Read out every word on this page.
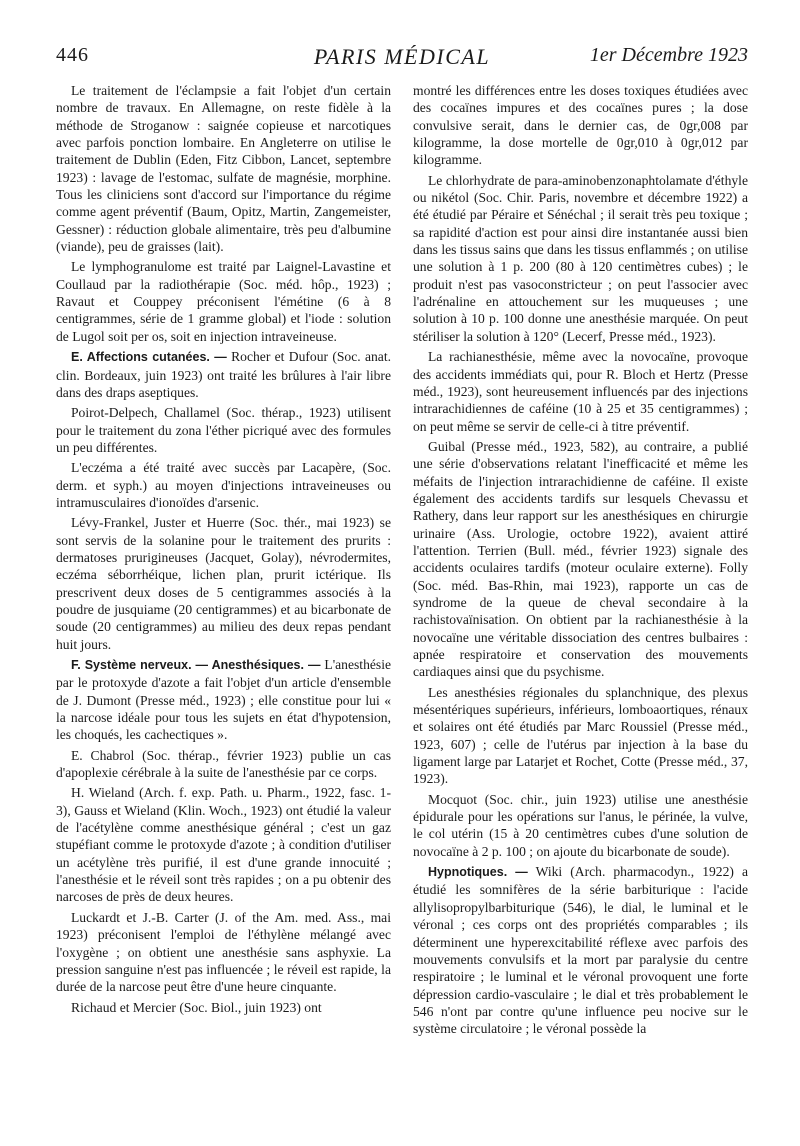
446	PARIS MÉDICAL	1er Décembre 1923

Le traitement de l'éclampsie a fait l'objet d'un certain nombre de travaux. En Allemagne, on reste fidèle à la méthode de Stroganow : saignée copieuse et narcotiques avec parfois ponction lombaire. En Angleterre on utilise le traitement de Dublin (Eden, Fitz Cibbon, Lancet, septembre 1923) : lavage de l'estomac, sulfate de magnésie, morphine. Tous les cliniciens sont d'accord sur l'importance du régime comme agent préventif (Baum, Opitz, Martin, Zangemeister, Gessner) : réduction globale alimentaire, très peu d'albumine (viande), peu de graisses (lait).

Le lymphogranulome est traité par Laignel-Lavastine et Coullaud par la radiothérapie (Soc. méd. hôp., 1923) ; Ravaut et Couppey préconisent l'émétine (6 à 8 centigrammes, série de 1 gramme global) et l'iode : solution de Lugol soit per os, soit en injection intraveineuse.

E. Affections cutanées. — Rocher et Dufour (Soc. anat. clin. Bordeaux, juin 1923) ont traité les brûlures à l'air libre dans des draps aseptiques.

Poirot-Delpech, Challamel (Soc. thérap., 1923) utilisent pour le traitement du zona l'éther picriqué avec des formules un peu différentes.

L'eczéma a été traité avec succès par Lacapère, (Soc. derm. et syph.) au moyen d'injections intraveineuses ou intramusculaires d'ionoïdes d'arsenic.

Lévy-Frankel, Juster et Huerre (Soc. thér., mai 1923) se sont servis de la solanine pour le traitement des prurits : dermatoses prurigineuses (Jacquet, Golay), névrodermites, eczéma séborrhéique, lichen plan, prurit ictérique. Ils prescrivent deux doses de 5 centigrammes associés à la poudre de jusquiame (20 centigrammes) et au bicarbonate de soude (20 centigrammes) au milieu des deux repas pendant huit jours.

F. Système nerveux. — Anesthésiques. — L'anesthésie par le protoxyde d'azote a fait l'objet d'un article d'ensemble de J. Dumont (Presse méd., 1923) ; elle constitue pour lui « la narcose idéale pour tous les sujets en état d'hypotension, les choqués, les cachectiques ».

E. Chabrol (Soc. thérap., février 1923) publie un cas d'apoplexie cérébrale à la suite de l'anesthésie par ce corps.

H. Wieland (Arch. f. exp. Path. u. Pharm., 1922, fasc. 1-3), Gauss et Wieland (Klin. Woch., 1923) ont étudié la valeur de l'acétylène comme anesthésique général ; c'est un gaz stupéfiant comme le protoxyde d'azote ; à condition d'utiliser un acétylène très purifié, il est d'une grande innocuité ; l'anesthésie et le réveil sont très rapides ; on a pu obtenir des narcoses de près de deux heures.

Luckardt et J.-B. Carter (J. of the Am. med. Ass., mai 1923) préconisent l'emploi de l'éthylène mélangé avec l'oxygène ; on obtient une anesthésie sans asphyxie. La pression sanguine n'est pas influencée ; le réveil est rapide, la durée de la narcose peut être d'une heure cinquante.

Richaud et Mercier (Soc. Biol., juin 1923) ont

montré les différences entre les doses toxiques étudiées avec des cocaïnes impures et des cocaïnes pures ; la dose convulsive serait, dans le dernier cas, de 0gr,008 par kilogramme, la dose mortelle de 0gr,010 à 0gr,012 par kilogramme.

Le chlorhydrate de para-aminobenzonaphtolamate d'éthyle ou nikétol (Soc. Chir. Paris, novembre et décembre 1922) a été étudié par Péraire et Sénéchal ; il serait très peu toxique ; sa rapidité d'action est pour ainsi dire instantanée aussi bien dans les tissus sains que dans les tissus enflammés ; on utilise une solution à 1 p. 200 (80 à 120 centimètres cubes) ; le produit n'est pas vasoconstricteur ; on peut l'associer avec l'adrénaline en attouchement sur les muqueuses ; une solution à 10 p. 100 donne une anesthésie marquée. On peut stériliser la solution à 120° (Lecerf, Presse méd., 1923).

La rachianesthésie, même avec la novocaïne, provoque des accidents immédiats qui, pour R. Bloch et Hertz (Presse méd., 1923), sont heureusement influencés par des injections intrarachidiennes de caféine (10 à 25 et 35 centigrammes) ; on peut même se servir de celle-ci à titre préventif.

Guibal (Presse méd., 1923, 582), au contraire, a publié une série d'observations relatant l'inefficacité et même les méfaits de l'injection intrarachidienne de caféine. Il existe également des accidents tardifs sur lesquels Chevassu et Rathery, dans leur rapport sur les anesthésiques en chirurgie urinaire (Ass. Urologie, octobre 1922), avaient attiré l'attention. Terrien (Bull. méd., février 1923) signale des accidents oculaires tardifs (moteur oculaire externe). Folly (Soc. méd. Bas-Rhin, mai 1923), rapporte un cas de syndrome de la queue de cheval secondaire à la rachistovaïnisation. On obtient par la rachianesthésie à la novocaïne une véritable dissociation des centres bulbaires : apnée respiratoire et conservation des mouvements cardiaques ainsi que du psychisme.

Les anesthésies régionales du splanchnique, des plexus mésentériques supérieurs, inférieurs, lomboaortiques, rénaux et solaires ont été étudiés par Marc Roussiel (Presse méd., 1923, 607) ; celle de l'utérus par injection à la base du ligament large par Latarjet et Rochet, Cotte (Presse méd., 37, 1923).

Mocquot (Soc. chir., juin 1923) utilise une anesthésie épidurale pour les opérations sur l'anus, le périnée, la vulve, le col utérin (15 à 20 centimètres cubes d'une solution de novocaïne à 2 p. 100 ; on ajoute du bicarbonate de soude).

Hypnotiques. — Wiki (Arch. pharmacodyn., 1922) a étudié les somnifères de la série barbiturique : l'acide allylisopropylbarbiturique (546), le dial, le luminal et le véronal ; ces corps ont des propriétés comparables ; ils déterminent une hyperexcitabilité réflexe avec parfois des mouvements convulsifs et la mort par paralysie du centre respiratoire ; le luminal et le véronal provoquent une forte dépression cardio-vasculaire ; le dial et très probablement le 546 n'ont par contre qu'une influence peu nocive sur le système circulatoire ; le véronal possède la
